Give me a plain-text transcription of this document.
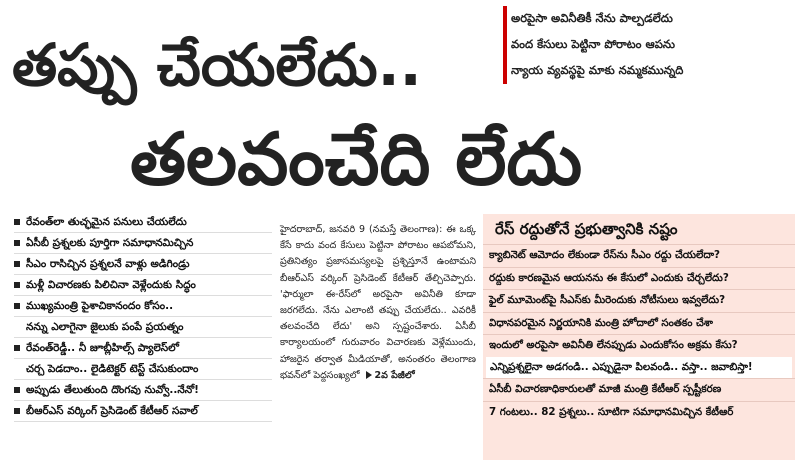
తప్పు చేయలేదు..
అరపైసా అవినీతికీ నేను పాల్పడలేదు
వంద కేసులు పెట్టినా పోరాటం ఆపను
న్యాయ వ్యవస్థపై మాకు నమ్మకమున్నది
తలవంచేది లేదు
రేవంత్‌లా తుచ్ఛమైన పనులు చేయలేదు
ఏసీబీ ప్రశ్నలకు పూర్తిగా సమాధానమిచ్చిన
సీఎం రాసిచ్చిన ప్రశ్నలనే వాళ్లు అడిగిండ్రు
మళ్లీ విచారణకు పిలిచినా వెళ్లేందుకు సిద్ధం
ముఖ్యమంత్రి పైశాచికానందం కోసం..
నన్ను ఎలాగైనా జైలుకు పంపే ప్రయత్నం
రేవంత్‌రెడ్డీ.. నీ జూబ్లీహిల్స్ ప్యాలెస్‌లో
చర్చ పెడదాం.. లైడిటెక్టర్ టెస్ట్ చేసుకుందాం
అప్పుడు తేలుతుంది దొంగవు నువ్వో..నేనో!
బీఆర్ఎస్ వర్కింగ్ ప్రెసిడెంట్ కేటీఆర్ సవాల్

హైదరాబాద్, జనవరి 9 (నమస్తే తెలంగాణ): ఈ ఒక్క కేసే కాదు వంద కేసులు పెట్టినా పోరాటం ఆపబోమని, ప్రతినిత్యం ప్రజాసమస్యలపై ప్రశ్నిస్తూనే ఉంటామని బీఆర్ఎస్ వర్కింగ్ ప్రెసిడెంట్ కేటీఆర్ తేల్చిచెప్పారు. 'ఫార్ములా ఈ-రేస్‌లో అరపైసా అవినీతి కూడా జరగలేదు. నేను ఎలాంటి తప్పు చేయలేదు.. ఎవరికీ తలవంచేది లేదు' అని స్పష్టంచేశారు. ఏసీబీ కార్యాలయంలో గురువారం విచారణకు వెళ్లేముందు, హాజరైన తర్వాత మీడియాతో, అనంతరం తెలంగాణ భవన్‌లో పెద్దసంఖ్యలో 2వ పేజీలో

రేస్ రద్దుతోనే ప్రభుత్వానికి నష్టం
క్యాబినెట్ ఆమోదం లేకుండా రేస్‌ను సీఎం రద్దు చేయలేదా?
రద్దుకు కారణమైన ఆయనను ఈ కేసులో ఎందుకు చేర్చలేదు?
ఫైల్ మూమెంట్‌పై సీఎస్‌కు మీరెందుకు నోటీసులు ఇవ్వలేదు?
విధానపరమైన నిర్ణయానికి మంత్రి హోదాలో సంతకం చేశా
ఇందులో అరపైసా అవినీతి లేనప్పుడు ఎందుకోసం అక్రమ కేసు?
ఎన్నిప్రశ్నలైనా అడగండి.. ఎప్పుడైనా పిలవండి.. వస్తా.. జవాబిస్తా!
ఏసీబీ విచారణాధికారులతో మాజీ మంత్రి కేటీఆర్ స్పష్టీకరణ
7 గంటలు.. 82 ప్రశ్నలు.. సూటిగా సమాధానమిచ్చిన కేటీఆర్
